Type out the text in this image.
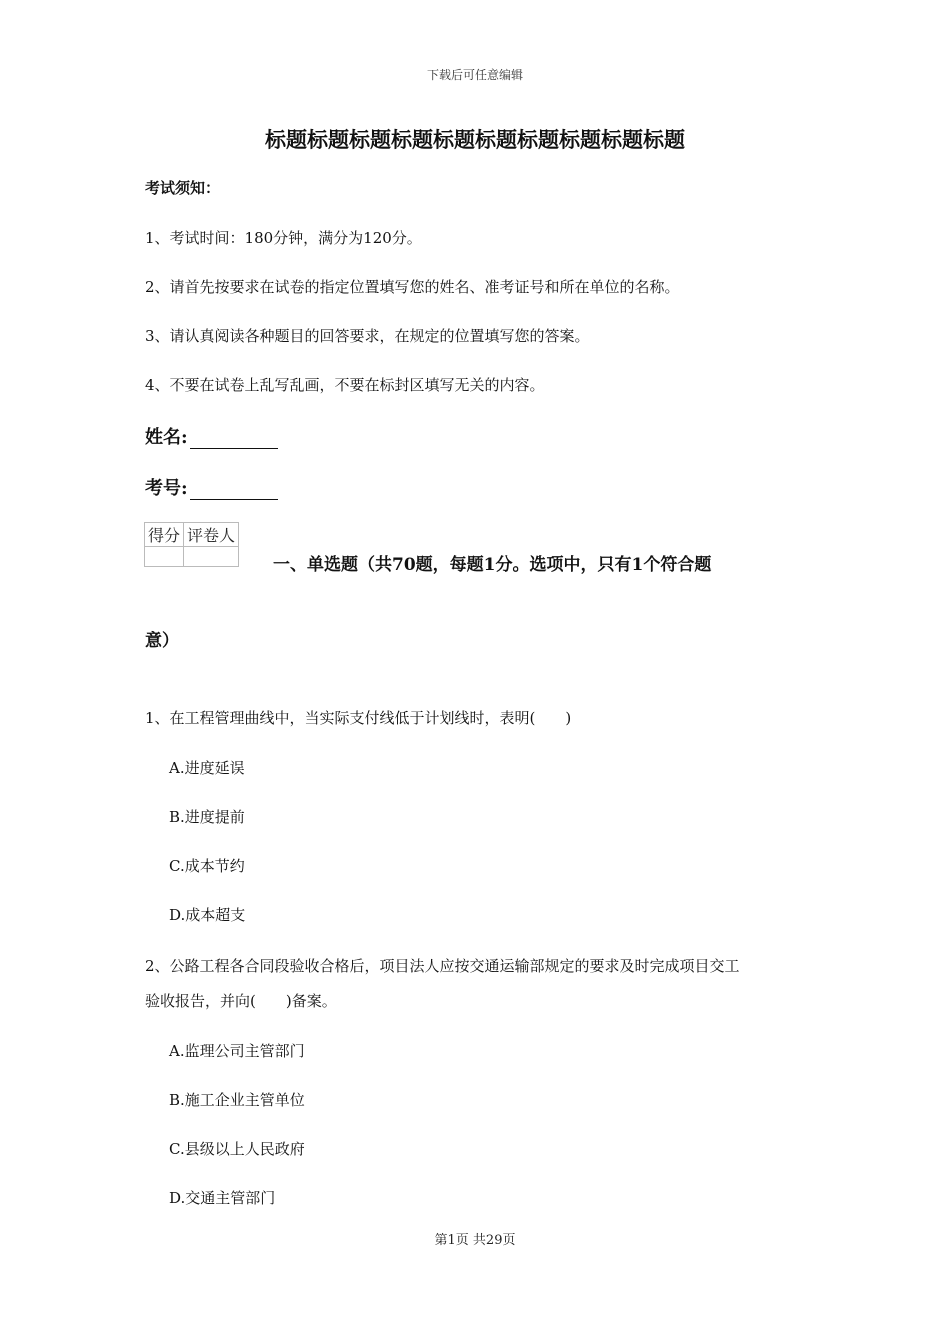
下载后可任意编辑
标题标题标题标题标题标题标题标题标题标题
考试须知：
1、考试时间：180分钟，满分为120分。
2、请首先按要求在试卷的指定位置填写您的姓名、准考证号和所在单位的名称。
3、请认真阅读各种题目的回答要求，在规定的位置填写您的答案。
4、不要在试卷上乱写乱画，不要在标封区填写无关的内容。
姓名:
考号:
得分	评卷人

一、单选题（共70题，每题1分。选项中，只有1个符合题
意）
1、在工程管理曲线中，当实际支付线低于计划线时，表明(　　)
A.进度延误
B.进度提前
C.成本节约
D.成本超支
2、公路工程各合同段验收合格后，项目法人应按交通运输部规定的要求及时完成项目交工
验收报告，并向(　　)备案。
A.监理公司主管部门
B.施工企业主管单位
C.县级以上人民政府
D.交通主管部门
第1页 共29页
